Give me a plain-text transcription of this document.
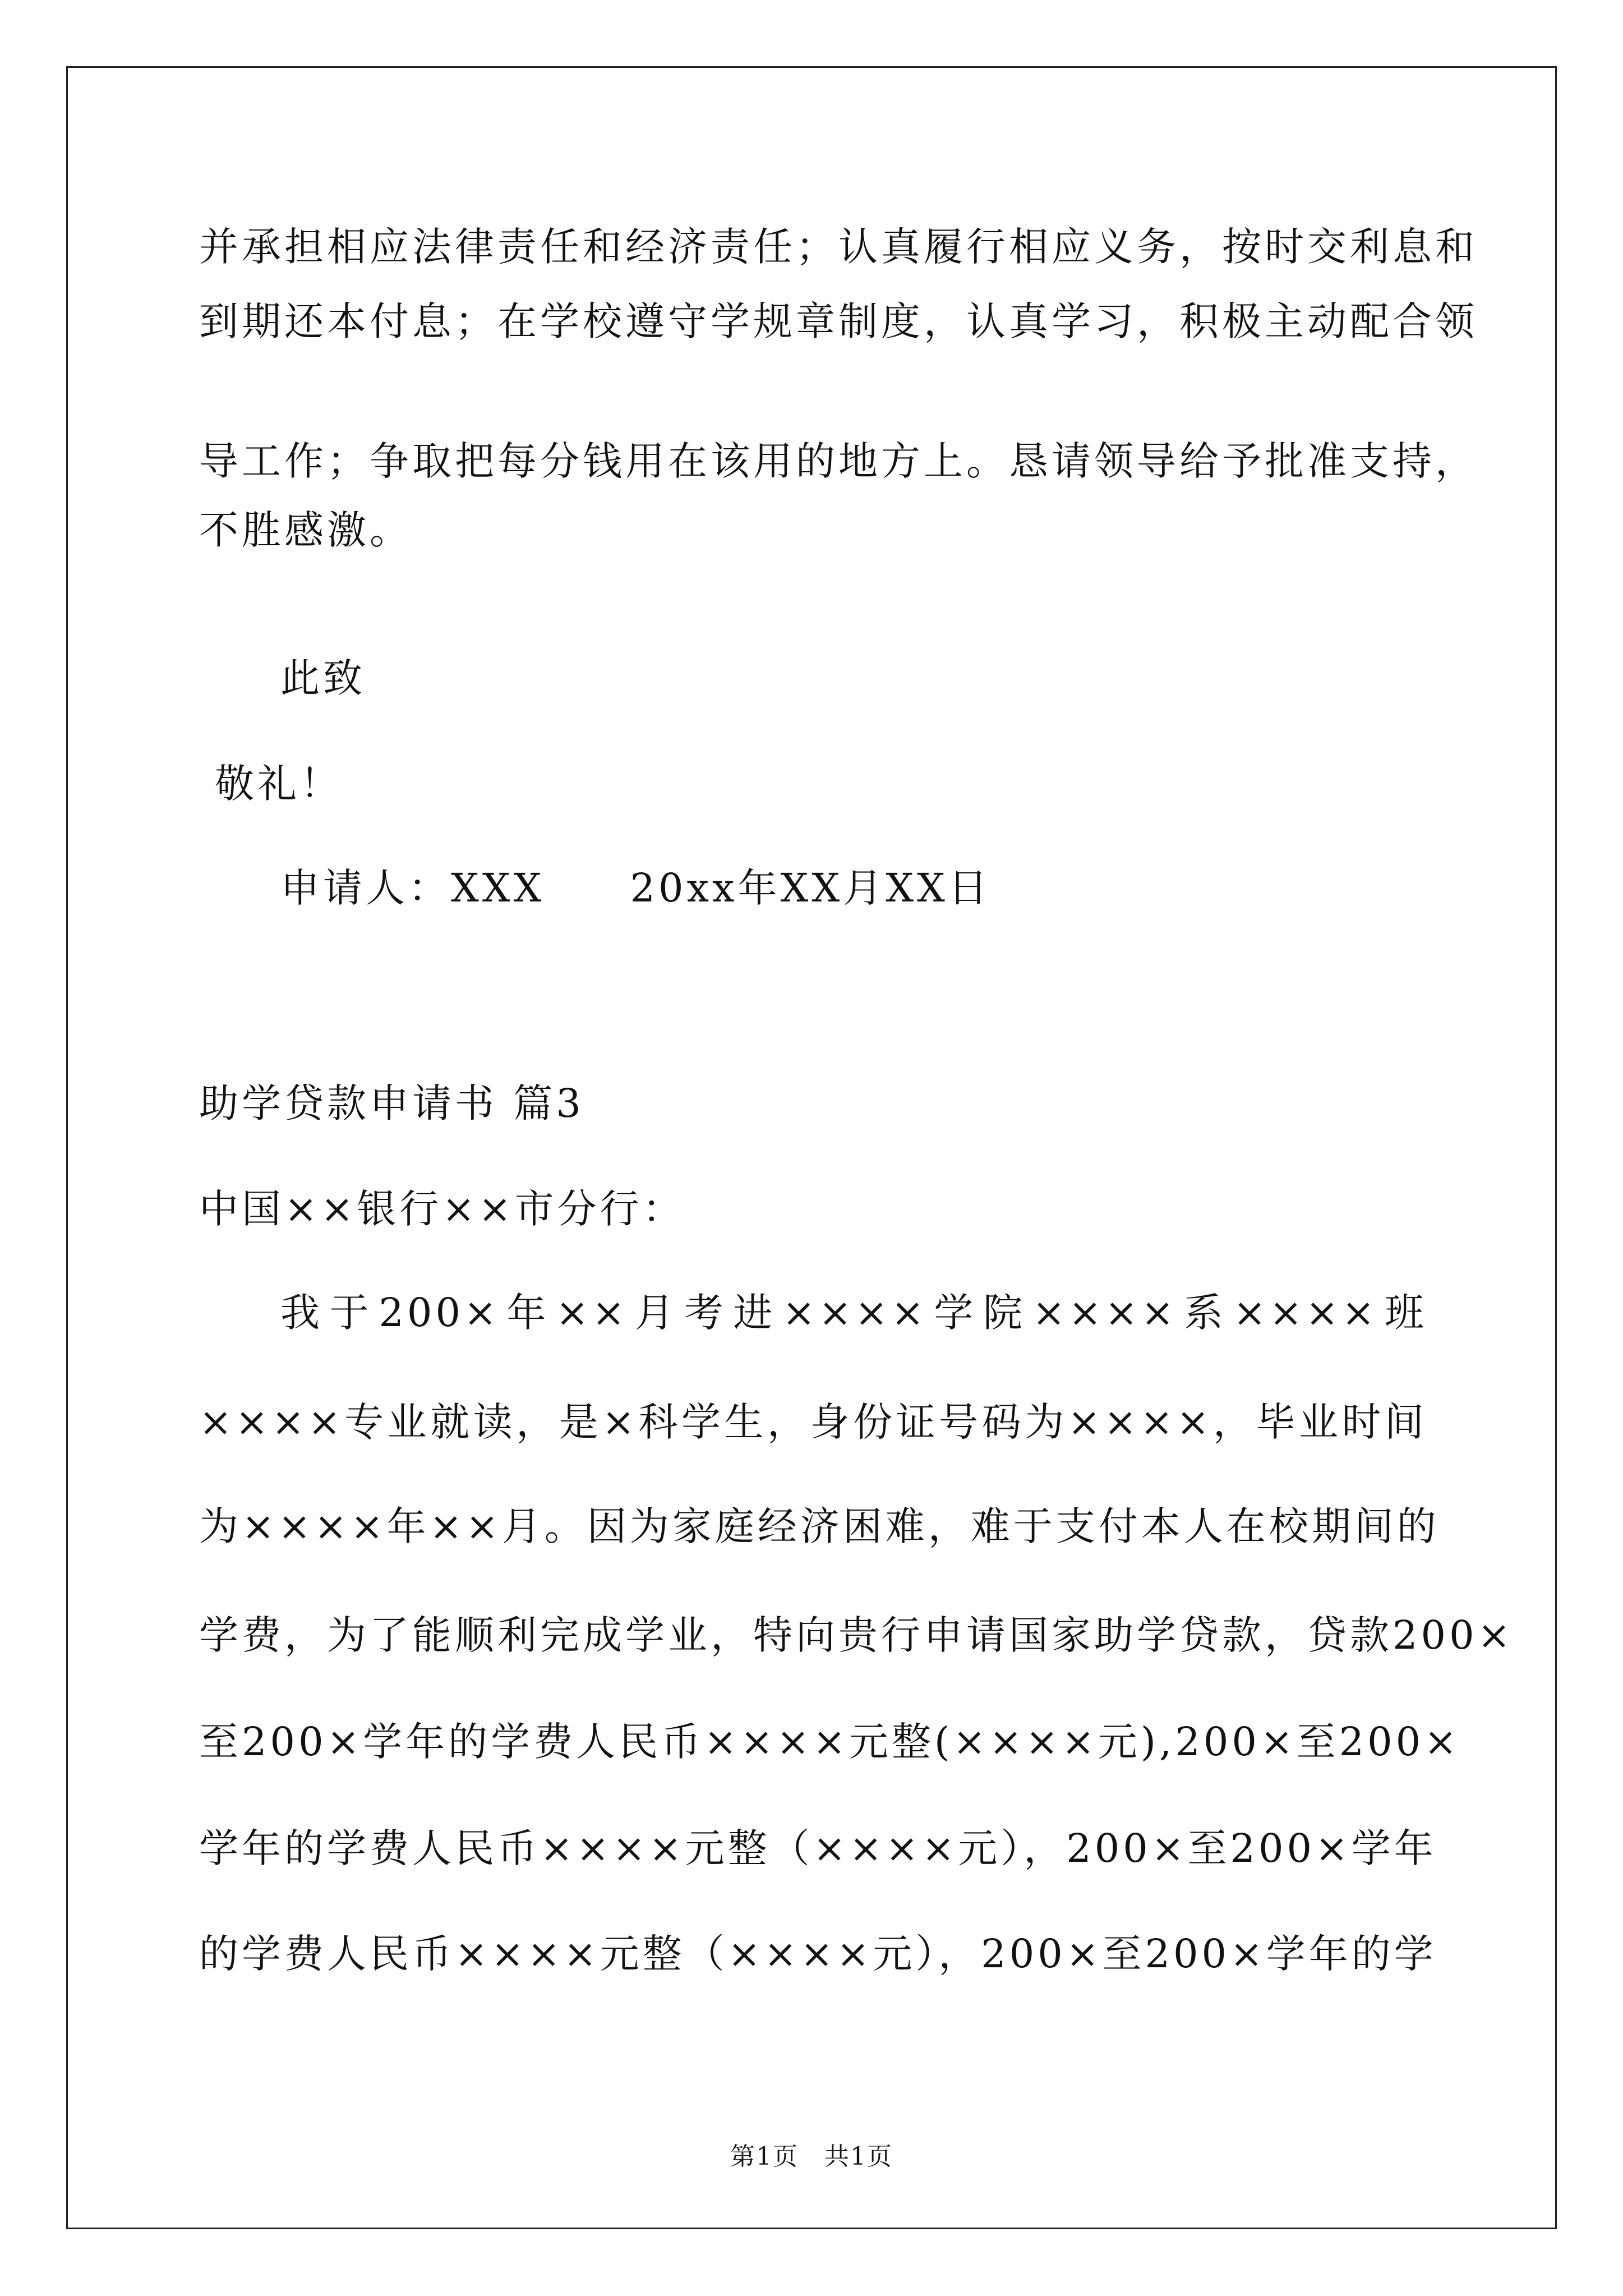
并承担相应法律责任和经济责任；认真履行相应义务，按时交利息和
到期还本付息；在学校遵守学规章制度，认真学习，积极主动配合领
导工作；争取把每分钱用在该用的地方上。恳请领导给予批准支持，
不胜感激。
此致
敬礼！
申请人：XXX　　20xx年XX月XX日
助学贷款申请书 篇3
中国××银行××市分行：
我于200×年××月考进××××学院××××系××××班
××××专业就读，是×科学生，身份证号码为××××，毕业时间
为××××年××月。因为家庭经济困难，难于支付本人在校期间的
学费，为了能顺利完成学业，特向贵行申请国家助学贷款，贷款200×
至200×学年的学费人民币××××元整(××××元),200×至200×
学年的学费人民币××××元整（××××元），200×至200×学年
的学费人民币××××元整（××××元），200×至200×学年的学
第1页　共1页
